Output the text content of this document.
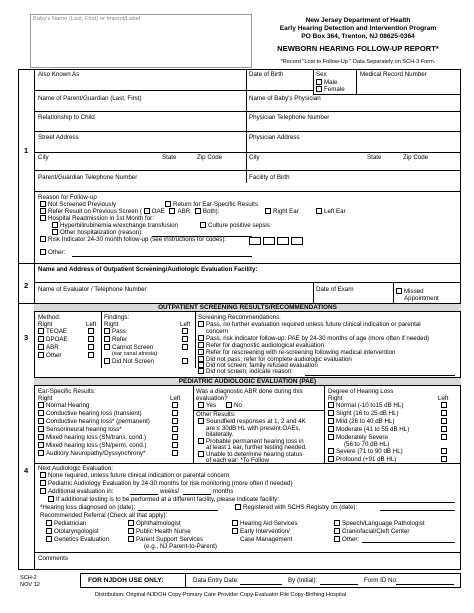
Baby's Name (Last, First) or Imprint/Label	New Jersey Department of Health
Early Hearing Detection and Intervention Program
PO Box 364, Trenton, NJ 08625-0364
NEWBORN HEARING FOLLOW-UP REPORT*
*Record "Lost to Follow-Up " Data Separately on SCH-3 Form.
1
Also Known As	Date of Birth	Sex
Male
Female
Medical Record Number
Name of Parent/Guardian (Last, First)	Name of Baby's Physician
Relationship to Child	Physician Telephone Number
Street Address	Physician Address
City	State	Zip Code	City	State	Zip Code
Parent/Guardian Telephone Number	Facility of Birth
Reason for Follow-up
Not Screened Previously	Return for Ear-Specific Results
Refer Result on Previous Screen ( OAE ABR Both):	Right Ear	Left Ear
Hospital Readmission in 1st Month for:
Hyperbilirubinemia w/exchange transfusion	Culture positive sepsis
Other hospitalization (reason):
Risk Indicator 24-30 month follow-up (see instructions for codes):
Other:
2
Name and Address of Outpatient Screening/Audiologic Evaluation Facility:
Name of Evaluator / Telephone Number	Date of Exam	Missed Appointment
OUTPATIENT SCREENING RESULTS/RECOMMENDATIONS
3
Method:
Right	Left
TEOAE
DPOAE
ABR
Other
Findings:
Right	Left
Pass
Refer
Cannot Screen
(ear canal atresia)
Did Not Screen
Screening Recommendations:
Pass, no further evaluation required unless future clinical indication or parental
concern
Pass, risk indicator follow-up: PAE by 24-30 months of age (more often if needed)
Refer for diagnostic audiological evaluation
Refer for rescreening with re-screening following medical intervention
Did not pass; refer for complete audiologic evaluation
Did not screen; family refused evaluation
Did not screen; indicate reason:
PEDIATRIC AUDIOLOGIC EVALUATION (PAE)
4
Ear-Specific Results:
Right	Left
Normal Hearing
Conductive hearing loss (transient)
Conductive hearing loss* (permanent)
Sensorineural hearing loss*
Mixed hearing loss (SN/trans. cond.)
Mixed hearing loss (SN/perm. cond.)
Auditory Neuropathy/Dyssynchrony*
Was a diagnostic ABR done during this
evaluation?
Yes	No
Other Results:
Soundfield responses at 1, 2 and 4K
are ≤ 30dB HL with present OAEs,
bilaterally.
Probable permanent hearing loss in
at least 1 ear, further testing needed.
Unable to determine hearing status
of each ear: *To Follow
Degree of Hearing Loss
Right	Left
Normal (-10 to15 dB HL)
Slight (16 to 25 dB HL)
Mild (26 to 40 dB HL)
Moderate (41 to 55 dB HL)
Moderately Severe
(56 to 70 dB HL)
Severe (71 to 90 dB HL)
Profound (+91 dB HL)
Next Audiologic Evaluation:
None required, unless future clinical indication or parental concern
Pediatric Audiology Evaluation by 24-30 months for risk monitoring (more often if needed)
Additional evaluation in:	weeks/	months
If additional testing is to be performed at a different facility, please indicate facility:
*Hearing loss diagnosed on (date):	Registered with SCHS Registry on (date):
Recommended Referral (Check all that apply):
Pediatrician	Ophthalmologist	Hearing Aid Services	Speech/Language Pathologist
Otolaryngologist	Public Health Nurse	Early Intervention/	Craniofacial/Cleft Center
Genetics Evaluation	Parent Support Services	Case Management	Other:
(e.g., NJ Parent-to-Parent)
Comments
SCH-2
NOV 12
FOR NJDOH USE ONLY:	Data Entry Date:	By (Initial):	Form ID No:
Distribution: Original-NJDOH Copy-Primary Care Provider Copy-Evaluator File Copy-Birthing Hospital
